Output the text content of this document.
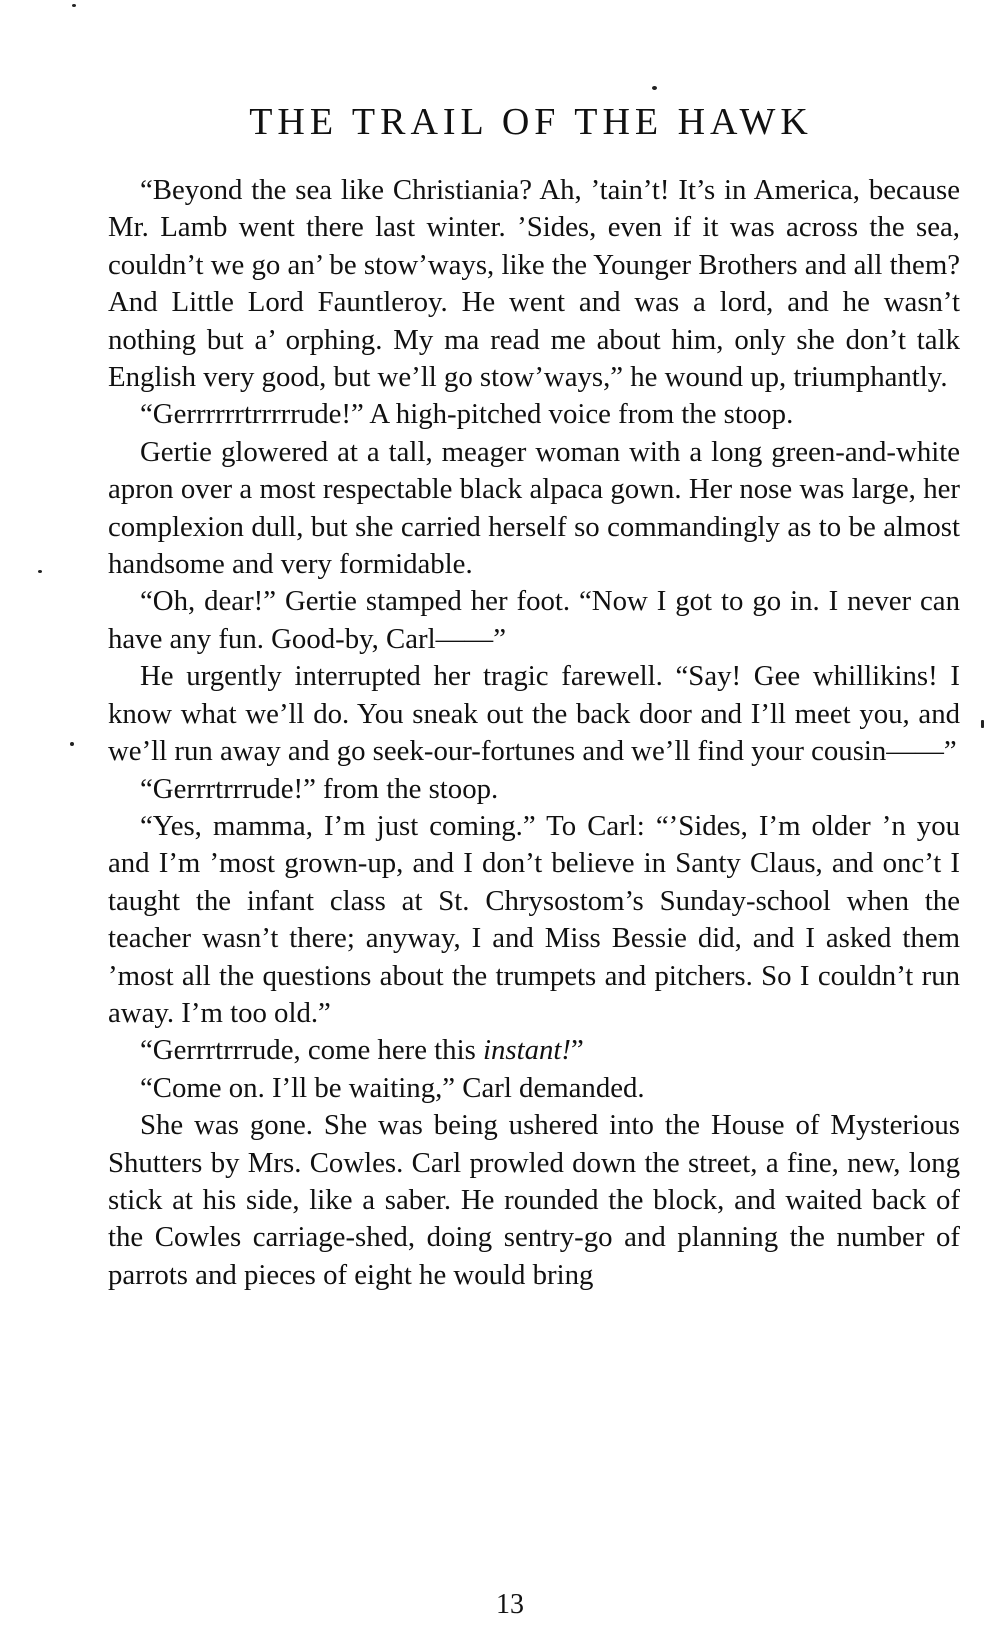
THE TRAIL OF THE HAWK

“Beyond the sea like Christiania? Ah, ’tain’t! It’s in America, because Mr. Lamb went there last winter. ’Sides, even if it was across the sea, couldn’t we go an’ be stow’ways, like the Younger Brothers and all them? And Little Lord Fauntleroy. He went and was a lord, and he wasn’t nothing but a’ orphing. My ma read me about him, only she don’t talk English very good, but we’ll go stow’ways,” he wound up, triumphantly.

“Gerrrrrrtrrrrrude!” A high-pitched voice from the stoop.

Gertie glowered at a tall, meager woman with a long green-and-white apron over a most respectable black alpaca gown. Her nose was large, her complexion dull, but she carried herself so commandingly as to be almost handsome and very formidable.

“Oh, dear!” Gertie stamped her foot. “Now I got to go in. I never can have any fun. Good-by, Carl——”

He urgently interrupted her tragic farewell. “Say! Gee whillikins! I know what we’ll do. You sneak out the back door and I’ll meet you, and we’ll run away and go seek-our-fortunes and we’ll find your cousin——”

“Gerrrtrrrude!” from the stoop.

“Yes, mamma, I’m just coming.” To Carl: “’Sides, I’m older ’n you and I’m ’most grown-up, and I don’t believe in Santy Claus, and onc’t I taught the infant class at St. Chrysostom’s Sunday-school when the teacher wasn’t there; anyway, I and Miss Bessie did, and I asked them ’most all the questions about the trumpets and pitchers. So I couldn’t run away. I’m too old.”

“Gerrrtrrrude, come here this instant!”

“Come on. I’ll be waiting,” Carl demanded.

She was gone. She was being ushered into the House of Mysterious Shutters by Mrs. Cowles. Carl prowled down the street, a fine, new, long stick at his side, like a saber. He rounded the block, and waited back of the Cowles carriage-shed, doing sentry-go and planning the number of parrots and pieces of eight he would bring

13
